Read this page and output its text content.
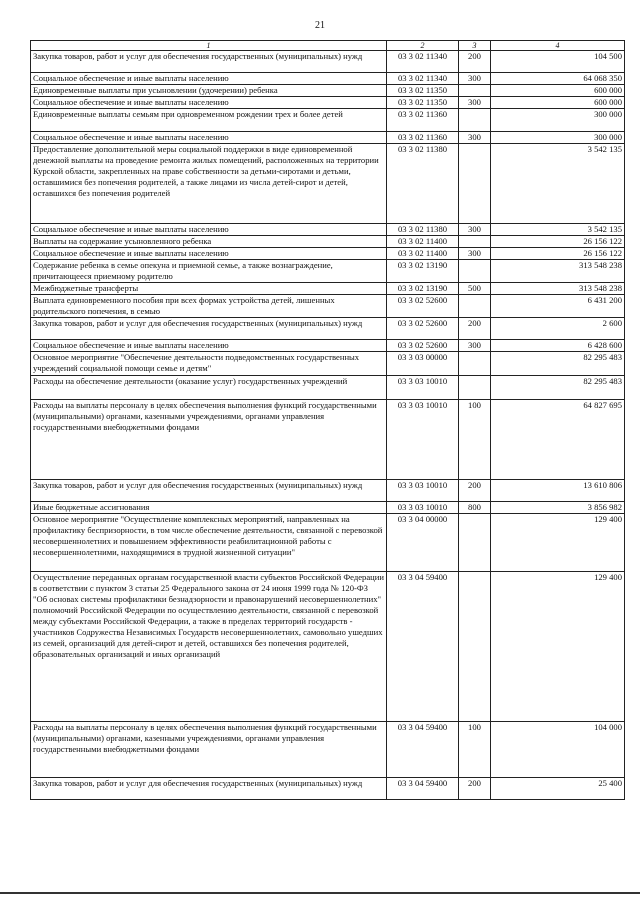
21
1	2	3	4
Закупка товаров, работ и услуг для обеспечения государственных (муниципальных) нужд	03 3 02 11340	200	104 500
Социальное обеспечение и иные выплаты населению	03 3 02 11340	300	64 068 350
Единовременные выплаты при усыновлении (удочерении) ребенка	03 3 02 11350		600 000
Социальное обеспечение и иные выплаты населению	03 3 02 11350	300	600 000
Единовременные выплаты семьям при одновременном рождении трех и более детей	03 3 02 11360		300 000
Социальное обеспечение и иные выплаты населению	03 3 02 11360	300	300 000
Предоставление дополнительной меры социальной поддержки в виде единовременной денежной выплаты на проведение ремонта жилых помещений, расположенных на территории Курской области, закрепленных на праве собственности за детьми-сиротами и детьми, оставшимися без попечения родителей, а также лицами из числа детей-сирот и детей, оставшихся без попечения родителей	03 3 02 11380		3 542 135
Социальное обеспечение и иные выплаты населению	03 3 02 11380	300	3 542 135
Выплаты на содержание усыновленного ребенка	03 3 02 11400		26 156 122
Социальное обеспечение и иные выплаты населению	03 3 02 11400	300	26 156 122
Содержание ребенка в семье опекуна и приемной семье, а также вознаграждение, причитающееся приемному родителю	03 3 02 13190		313 548 238
Межбюджетные трансферты	03 3 02 13190	500	313 548 238
Выплата единовременного пособия при всех формах устройства детей, лишенных родительского попечения, в семью	03 3 02 52600		6 431 200
Закупка товаров, работ и услуг для обеспечения государственных (муниципальных) нужд	03 3 02 52600	200	2 600
Социальное обеспечение и иные выплаты населению	03 3 02 52600	300	6 428 600
Основное мероприятие "Обеспечение деятельности подведомственных государственных учреждений социальной помощи семье и детям"	03 3 03 00000		82 295 483
Расходы на обеспечение деятельности (оказание услуг) государственных учреждений	03 3 03 10010		82 295 483
Расходы на выплаты персоналу в целях обеспечения выполнения функций государственными (муниципальными) органами, казенными учреждениями, органами управления государственными внебюджетными фондами	03 3 03 10010	100	64 827 695
Закупка товаров, работ и услуг для обеспечения государственных (муниципальных) нужд	03 3 03 10010	200	13 610 806
Иные бюджетные ассигнования	03 3 03 10010	800	3 856 982
Основное мероприятие "Осуществление комплексных мероприятий, направленных на профилактику беспризорности, в том числе обеспечение деятельности, связанной с перевозкой несовершеннолетних и повышением эффективности реабилитационной работы с несовершеннолетними, находящимися в трудной жизненной ситуации"	03 3 04 00000		129 400
Осуществление переданных органам государственной власти субъектов Российской Федерации в соответствии с пунктом 3 статьи 25 Федерального закона от 24 июня 1999 года № 120-ФЗ "Об основах системы профилактики безнадзорности и правонарушений несовершеннолетних" полномочий Российской Федерации по осуществлению деятельности, связанной с перевозкой между субъектами Российской Федерации, а также в пределах территорий государств - участников Содружества Независимых Государств несовершеннолетних, самовольно ушедших из семей, организаций для детей-сирот и детей, оставшихся без попечения родителей, образовательных организаций и иных организаций	03 3 04 59400		129 400
Расходы на выплаты персоналу в целях обеспечения выполнения функций государственными (муниципальными) органами, казенными учреждениями, органами управления государственными внебюджетными фондами	03 3 04 59400	100	104 000
Закупка товаров, работ и услуг для обеспечения государственных (муниципальных) нужд	03 3 04 59400	200	25 400
